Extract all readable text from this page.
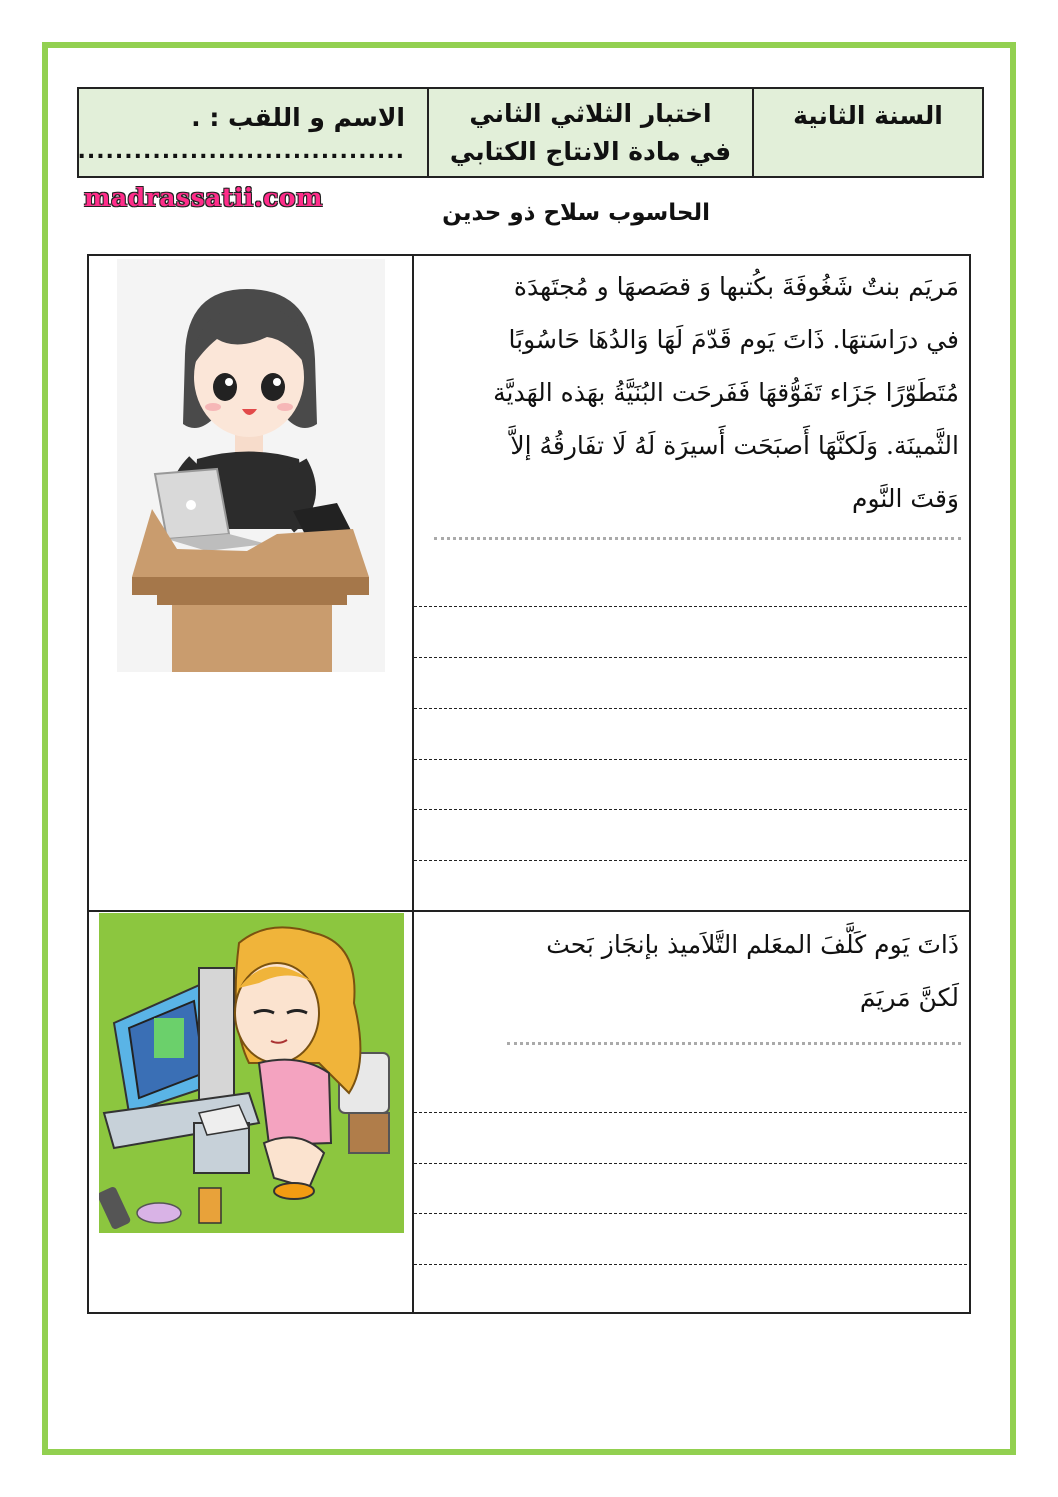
الاسم و اللقب : .
...................................
اختبار الثلاثي الثاني
في مادة الانتاج الكتابي
السنة الثانية
madrassatii.com
الحاسوب سلاح ذو حدين
مَريَم بنتٌ شَغُوفَةَ بكُتبها وَ قصَصهَا و مُجتَهدَة
في درَاسَتهَا. ذَاتَ يَوم قَدّمَ لَهَا وَالدُهَا حَاسُوبًا
مُتَطَوّرًا جَزَاء تَفَوُّقهَا فَفَرحَت البُنَيَّةُ بهَذه الهَديَّة
الثَّمينَة. وَلَكنَّهَا أَصبَحَت أَسيرَة لَهُ لَا تفَارقُهُ إلاَّ
وَقتَ النَّوم
ذَاتَ يَوم كَلَّفَ المعَلم التَّلاَميذ بإنجَاز بَحث
لَكنَّ مَريَمَ
